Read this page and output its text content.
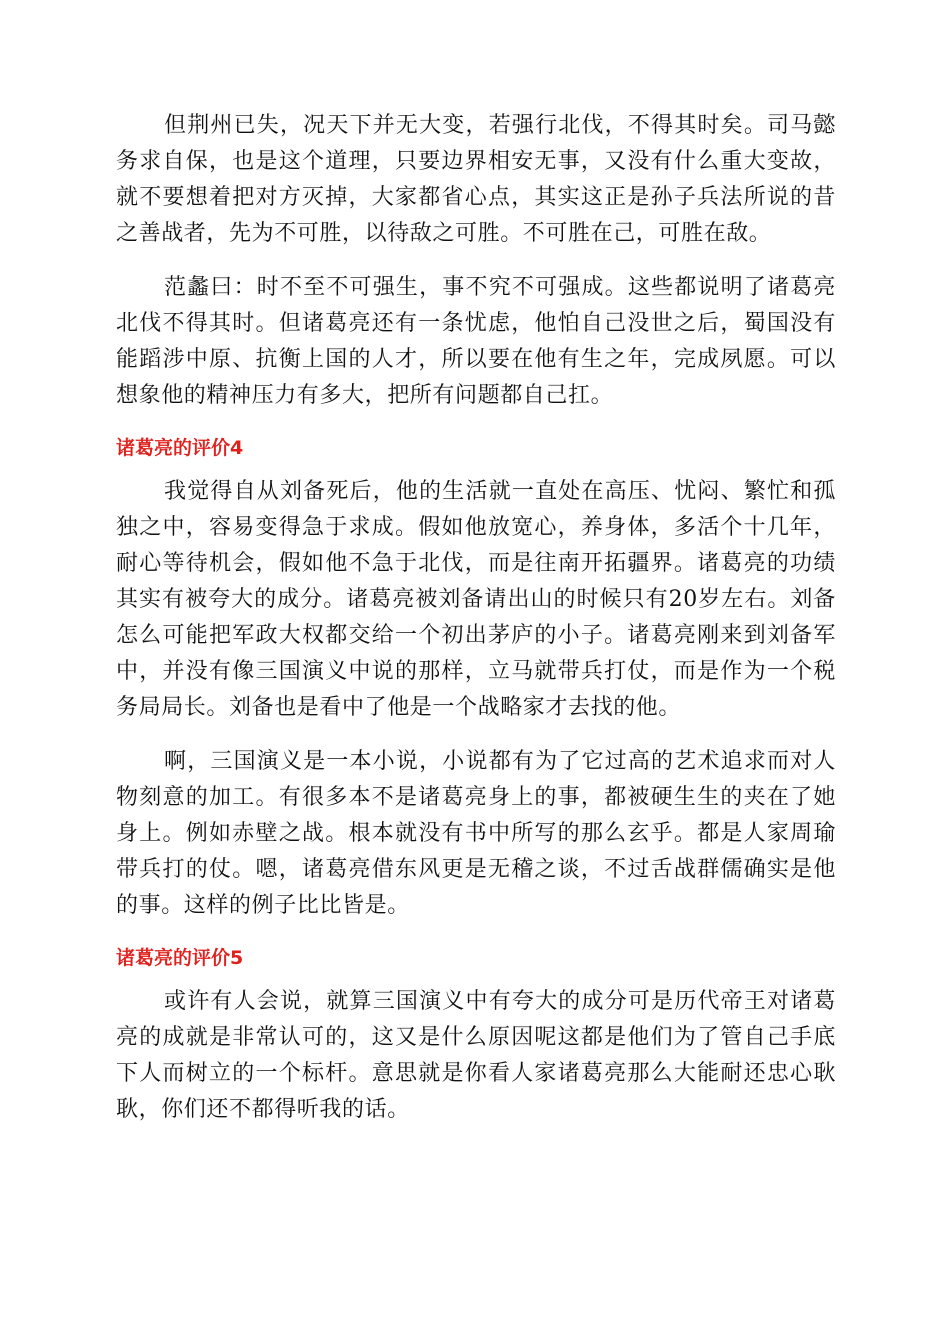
但荆州已失，况天下并无大变，若强行北伐，不得其时矣。司马懿务求自保，也是这个道理，只要边界相安无事，又没有什么重大变故，就不要想着把对方灭掉，大家都省心点，其实这正是孙子兵法所说的昔之善战者，先为不可胜，以待敌之可胜。不可胜在己，可胜在敌。

范蠡曰：时不至不可强生，事不究不可强成。这些都说明了诸葛亮北伐不得其时。但诸葛亮还有一条忧虑，他怕自己没世之后，蜀国没有能蹈涉中原、抗衡上国的人才，所以要在他有生之年，完成夙愿。可以想象他的精神压力有多大，把所有问题都自己扛。

诸葛亮的评价4

我觉得自从刘备死后，他的生活就一直处在高压、忧闷、繁忙和孤独之中，容易变得急于求成。假如他放宽心，养身体，多活个十几年，耐心等待机会，假如他不急于北伐，而是往南开拓疆界。诸葛亮的功绩其实有被夸大的成分。诸葛亮被刘备请出山的时候只有20岁左右。刘备怎么可能把军政大权都交给一个初出茅庐的小子。诸葛亮刚来到刘备军中，并没有像三国演义中说的那样，立马就带兵打仗，而是作为一个税务局局长。刘备也是看中了他是一个战略家才去找的他。

啊，三国演义是一本小说，小说都有为了它过高的艺术追求而对人物刻意的加工。有很多本不是诸葛亮身上的事，都被硬生生的夹在了她身上。例如赤壁之战。根本就没有书中所写的那么玄乎。都是人家周瑜带兵打的仗。嗯，诸葛亮借东风更是无稽之谈，不过舌战群儒确实是他的事。这样的例子比比皆是。

诸葛亮的评价5

或许有人会说，就算三国演义中有夸大的成分可是历代帝王对诸葛亮的成就是非常认可的，这又是什么原因呢这都是他们为了管自己手底下人而树立的一个标杆。意思就是你看人家诸葛亮那么大能耐还忠心耿耿，你们还不都得听我的话。
